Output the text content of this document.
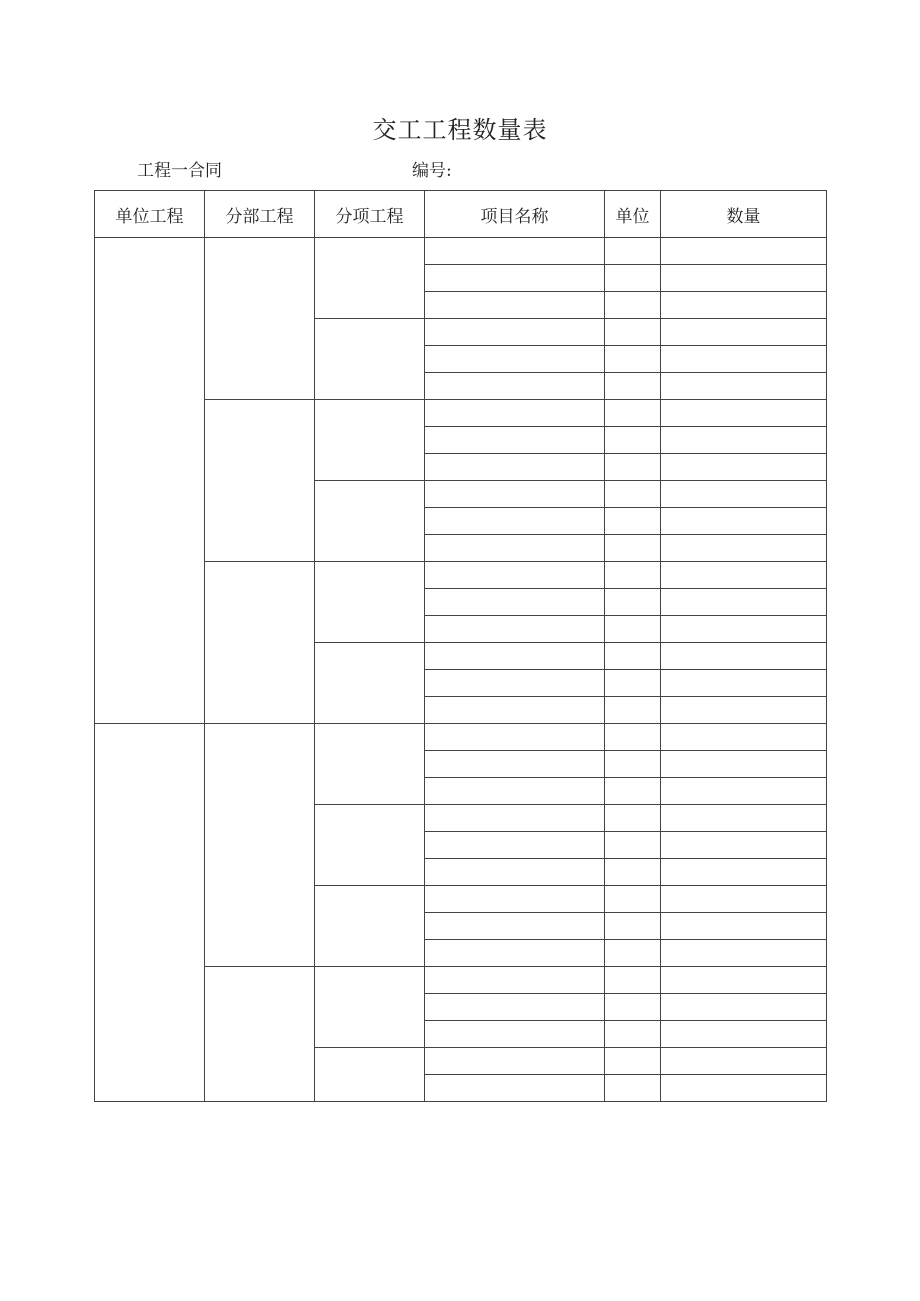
交工工程数量表
工程一合同	编号:
单位工程	分部工程	分项工程	项目名称	单位	数量
